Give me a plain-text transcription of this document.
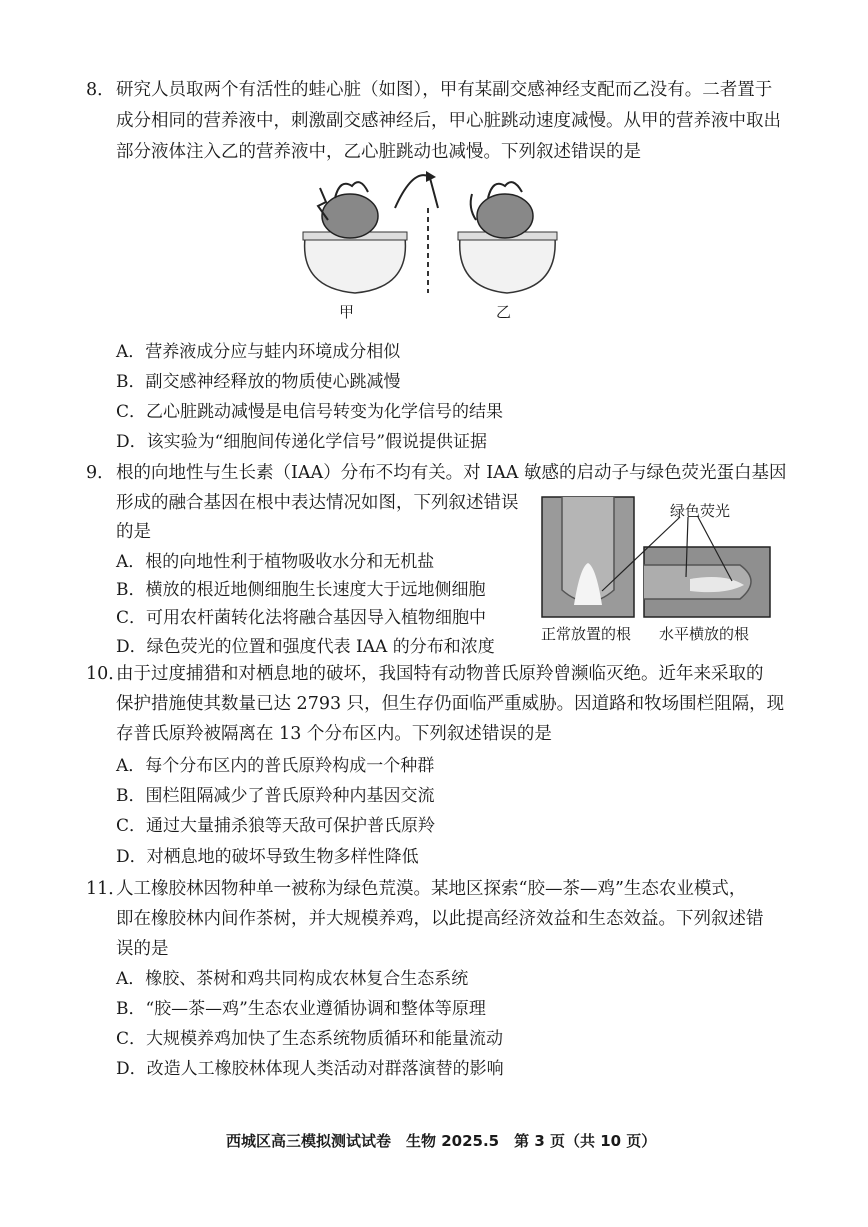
8． 研究人员取两个有活性的蛙心脏（如图），甲有某副交感神经支配而乙没有。二者置于
成分相同的营养液中，刺激副交感神经后，甲心脏跳动速度减慢。从甲的营养液中取出
部分液体注入乙的营养液中，乙心脏跳动也减慢。下列叙述错误的是
甲	乙
A．营养液成分应与蛙内环境成分相似
B．副交感神经释放的物质使心跳减慢
C．乙心脏跳动减慢是电信号转变为化学信号的结果
D．该实验为“细胞间传递化学信号”假说提供证据
9． 根的向地性与生长素（IAA）分布不均有关。对 IAA 敏感的启动子与绿色荧光蛋白基因
形成的融合基因在根中表达情况如图，下列叙述错误
的是
A．根的向地性利于植物吸收水分和无机盐
B．横放的根近地侧细胞生长速度大于远地侧细胞
C．可用农杆菌转化法将融合基因导入植物细胞中
D．绿色荧光的位置和强度代表 IAA 的分布和浓度
绿色荧光
正常放置的根 水平横放的根
10．
由于过度捕猎和对栖息地的破坏，我国特有动物普氏原羚曾濒临灭绝。近年来采取的
保护措施使其数量已达 2793 只，但生存仍面临严重威胁。因道路和牧场围栏阻隔，现
存普氏原羚被隔离在 13 个分布区内。下列叙述错误的是
A．每个分布区内的普氏原羚构成一个种群
B．围栏阻隔减少了普氏原羚种内基因交流
C．通过大量捕杀狼等天敌可保护普氏原羚
D．对栖息地的破坏导致生物多样性降低
11．
人工橡胶林因物种单一被称为绿色荒漠。某地区探索“胶—茶—鸡”生态农业模式，
即在橡胶林内间作茶树，并大规模养鸡，以此提高经济效益和生态效益。下列叙述错
误的是
A．橡胶、茶树和鸡共同构成农林复合生态系统
B．“胶—茶—鸡”生态农业遵循协调和整体等原理
C．大规模养鸡加快了生态系统物质循环和能量流动
D．改造人工橡胶林体现人类活动对群落演替的影响
西城区高三模拟测试试卷　生物 2025.5　第 3 页（共 10 页）
